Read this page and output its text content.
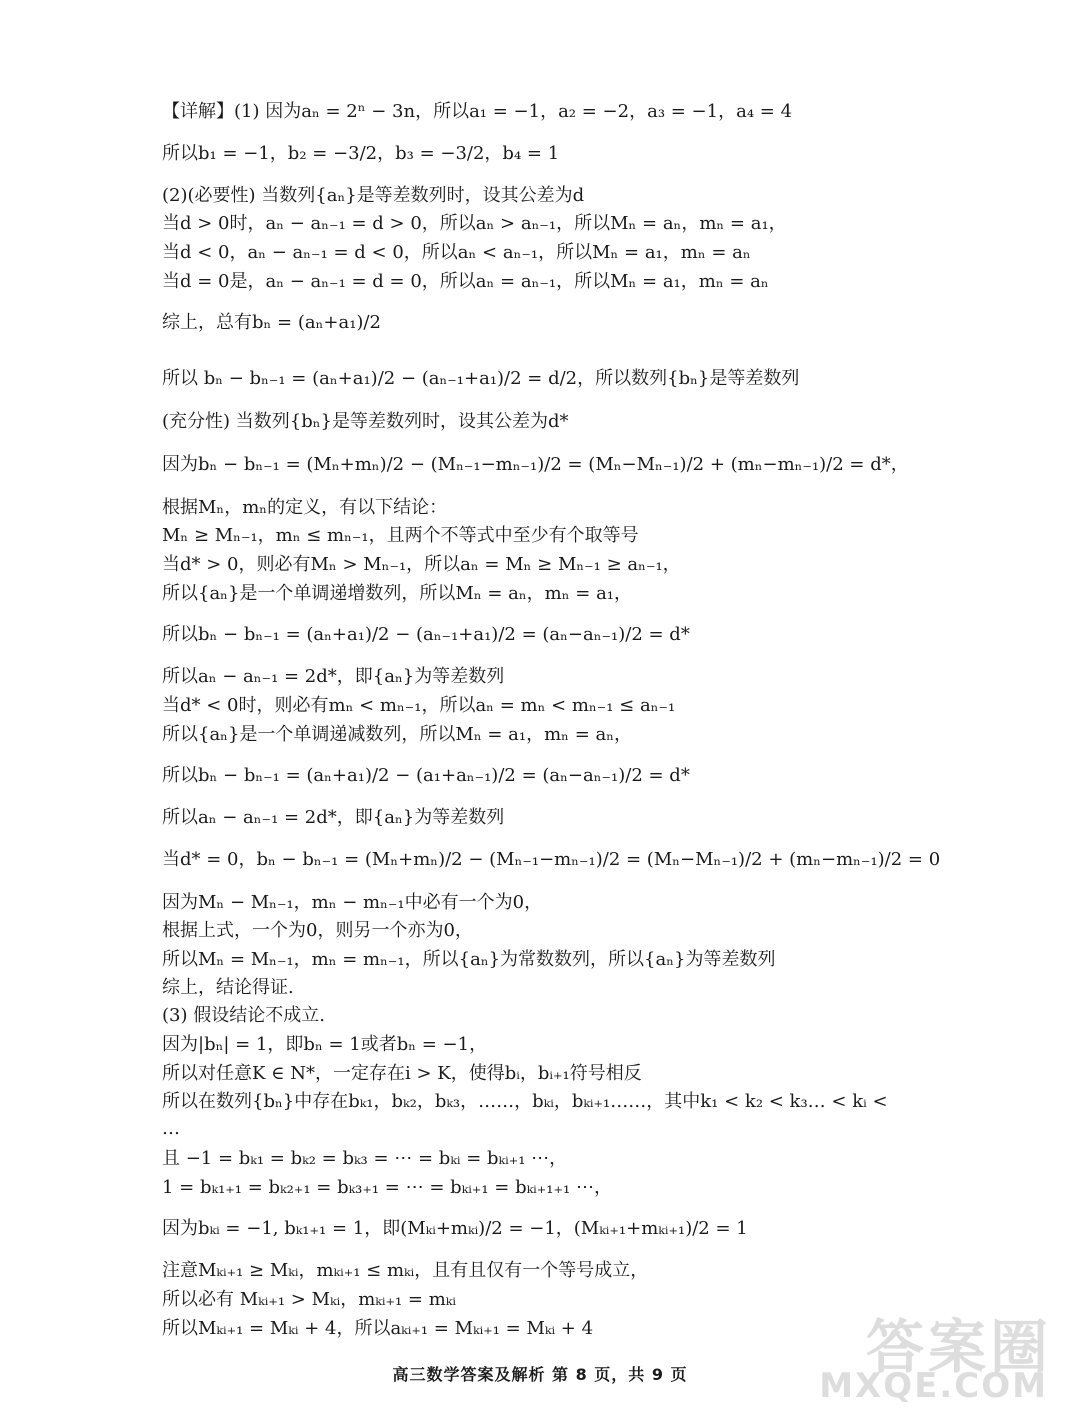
【详解】(1) 因为aₙ = 2ⁿ − 3n，所以a₁ = −1，a₂ = −2，a₃ = −1，a₄ = 4
所以b₁ = −1，b₂ = −3/2，b₃ = −3/2，b₄ = 1
(2)(必要性) 当数列{aₙ}是等差数列时，设其公差为d
当d > 0时，aₙ − aₙ₋₁ = d > 0，所以aₙ > aₙ₋₁，所以Mₙ = aₙ，mₙ = a₁，
当d < 0，aₙ − aₙ₋₁ = d < 0，所以aₙ < aₙ₋₁，所以Mₙ = a₁，mₙ = aₙ
当d = 0是，aₙ − aₙ₋₁ = d = 0，所以aₙ = aₙ₋₁，所以Mₙ = a₁，mₙ = aₙ
综上，总有bₙ = (aₙ+a₁)/2
所以 bₙ − bₙ₋₁ = (aₙ+a₁)/2 − (aₙ₋₁+a₁)/2 = d/2，所以数列{bₙ}是等差数列
(充分性) 当数列{bₙ}是等差数列时，设其公差为d*
因为bₙ − bₙ₋₁ = (Mₙ+mₙ)/2 − (Mₙ₋₁−mₙ₋₁)/2 = (Mₙ−Mₙ₋₁)/2 + (mₙ−mₙ₋₁)/2 = d*，
根据Mₙ，mₙ的定义，有以下结论：
Mₙ ≥ Mₙ₋₁，mₙ ≤ mₙ₋₁，且两个不等式中至少有个取等号
当d* > 0，则必有Mₙ > Mₙ₋₁，所以aₙ = Mₙ ≥ Mₙ₋₁ ≥ aₙ₋₁，
所以{aₙ}是一个单调递增数列，所以Mₙ = aₙ，mₙ = a₁，
所以bₙ − bₙ₋₁ = (aₙ+a₁)/2 − (aₙ₋₁+a₁)/2 = (aₙ−aₙ₋₁)/2 = d*
所以aₙ − aₙ₋₁ = 2d*，即{aₙ}为等差数列
当d* < 0时，则必有mₙ < mₙ₋₁，所以aₙ = mₙ < mₙ₋₁ ≤ aₙ₋₁
所以{aₙ}是一个单调递减数列，所以Mₙ = a₁，mₙ = aₙ，
所以bₙ − bₙ₋₁ = (aₙ+a₁)/2 − (a₁+aₙ₋₁)/2 = (aₙ−aₙ₋₁)/2 = d*
所以aₙ − aₙ₋₁ = 2d*，即{aₙ}为等差数列
当d* = 0，bₙ − bₙ₋₁ = (Mₙ+mₙ)/2 − (Mₙ₋₁−mₙ₋₁)/2 = (Mₙ−Mₙ₋₁)/2 + (mₙ−mₙ₋₁)/2 = 0
因为Mₙ − Mₙ₋₁，mₙ − mₙ₋₁中必有一个为0，
根据上式，一个为0，则另一个亦为0，
所以Mₙ = Mₙ₋₁，mₙ = mₙ₋₁，所以{aₙ}为常数数列，所以{aₙ}为等差数列
综上，结论得证.
(3) 假设结论不成立.
因为|bₙ| = 1，即bₙ = 1或者bₙ = −1，
所以对任意K ∈ N*，一定存在i > K，使得bᵢ，bᵢ₊₁符号相反
所以在数列{bₙ}中存在bₖ₁，bₖ₂，bₖ₃，……，bₖᵢ，bₖᵢ₊₁……，其中k₁ < k₂ < k₃… < kᵢ <
…
且 −1 = bₖ₁ = bₖ₂ = bₖ₃ = ⋯ = bₖᵢ = bₖᵢ₊₁ ⋯，
1 = bₖ₁₊₁ = bₖ₂₊₁ = bₖ₃₊₁ = ⋯ = bₖᵢ₊₁ = bₖᵢ₊₁₊₁ ⋯，
因为bₖᵢ = −1, bₖ₁₊₁ = 1，即(Mₖᵢ+mₖᵢ)/2 = −1，(Mₖᵢ₊₁+mₖᵢ₊₁)/2 = 1
注意Mₖᵢ₊₁ ≥ Mₖᵢ，mₖᵢ₊₁ ≤ mₖᵢ，且有且仅有一个等号成立，
所以必有 Mₖᵢ₊₁ > Mₖᵢ，mₖᵢ₊₁ = mₖᵢ
所以Mₖᵢ₊₁ = Mₖᵢ + 4，所以aₖᵢ₊₁ = Mₖᵢ₊₁ = Mₖᵢ + 4
高三数学答案及解析 第 8 页，共 9 页	答案圈
MXQE.COM
